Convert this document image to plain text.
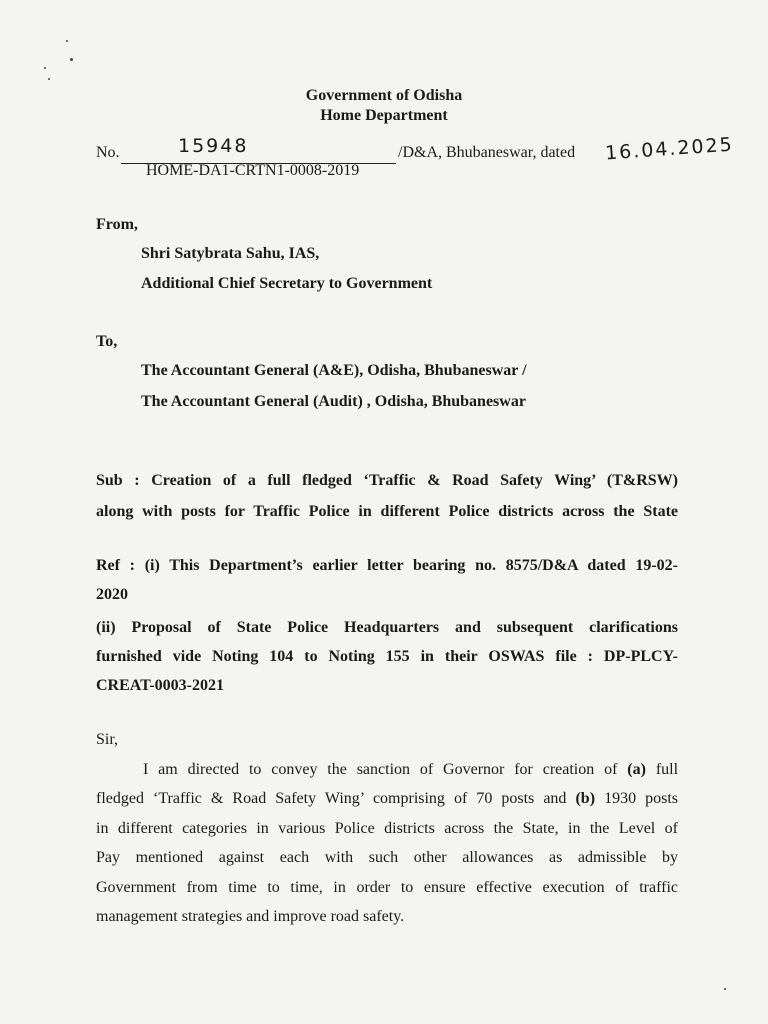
Government of Odisha
Home Department
No.	15948	/D&A, Bhubaneswar, dated 16.04.2025
HOME-DA1-CRTN1-0008-2019
From,
Shri Satybrata Sahu, IAS,
Additional Chief Secretary to Government
To,
The Accountant General (A&E), Odisha, Bhubaneswar /
The Accountant General (Audit) , Odisha, Bhubaneswar
Sub : Creation of a full fledged ‘Traffic & Road Safety Wing’ (T&RSW)
along with posts for Traffic Police in different Police districts across the State
Ref : (i) This Department’s earlier letter bearing no. 8575/D&A dated 19-02-
2020
(ii) Proposal of State Police Headquarters and subsequent clarifications
furnished vide Noting 104 to Noting 155 in their OSWAS file : DP-PLCY-
CREAT-0003-2021
Sir,
I am directed to convey the sanction of Governor for creation of (a) full
fledged ‘Traffic & Road Safety Wing’ comprising of 70 posts and (b) 1930 posts
in different categories in various Police districts across the State, in the Level of
Pay mentioned against each with such other allowances as admissible by
Government from time to time, in order to ensure effective execution of traffic
management strategies and improve road safety.
